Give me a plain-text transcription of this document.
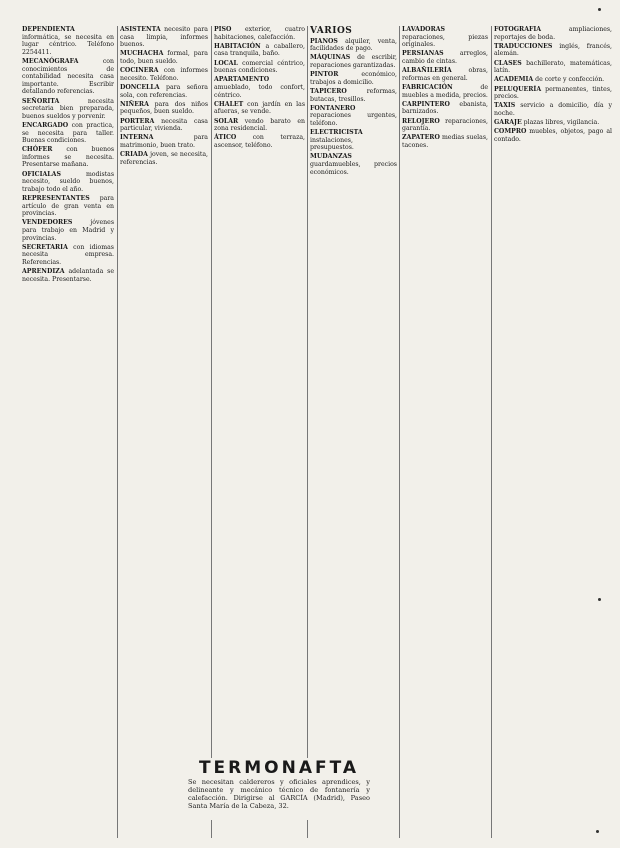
DEPENDIENTA informática, se necesita en lugar céntrico. Teléfono 2254411.

MECANÓGRAFA	con conocimientos de contabilidad necesita casa importante. Escribir detallando referencias.

SEÑORITA	necesita secretaria bien preparada, buenos sueldos y porvenir.

ENCARGADO con practica, se necesita para taller. Buenas condiciones.

CHÓFER con buenos informes se necesita. Presentarse mañana.

OFICIALAS	modistas necesito, sueldo buenos, trabajo todo el año.

REPRESENTANTES para artículo de gran venta en provincias.

VENDEDORES	jóvenes para trabajo en Madrid y provincias.

SECRETARIA con idiomas necesita empresa. Referencias.

APRENDIZA adelantada se necesita. Presentarse.

ASISTENTA necesito para casa limpia, informes buenos.

MUCHACHA formal, para todo, buen sueldo.

COCINERA con informes necesito. Teléfono.

DONCELLA para señora sola, con referencias.

NIÑERA para dos niños pequeños, buen sueldo.

PORTERA necesita casa particular, vivienda.

INTERNA	para matrimonio, buen trato.

CRIADA joven, se necesita, referencias.

PISO exterior, cuatro habitaciones, calefacción.

HABITACIÓN a caballero, casa tranquila, baño.

LOCAL comercial céntrico, buenas condiciones.

APARTAMENTO amueblado, todo confort, céntrico.

CHALET con jardín en las afueras, se vende.

SOLAR vendo barato en zona residencial.

ÁTICO	con terraza, ascensor, teléfono.

VARIOS

PIANOS alquiler, venta, facilidades de pago.

MÁQUINAS de escribir, reparaciones garantizadas.

PINTOR	económico, trabajos a domicilio.

TAPICERO	reformas, butacas, tresillos.

FONTANERO reparaciones urgentes, teléfono.

ELECTRICISTA instalaciones, presupuestos.

MUDANZAS guardamuebles, precios económicos.

LAVADORAS reparaciones, piezas originales.

PERSIANAS	arreglos, cambio de cintas.

ALBAÑILERÍA	obras, reformas en general.

FABRICACIÓN	de muebles a medida, precios.

CARPINTERO ebanista, barnizados.

RELOJERO reparaciones, garantía.

ZAPATERO medias suelas, tacones.

FOTOGRAFÍA	ampliaciones, reportajes de boda.

TRADUCCIONES inglés, francés, alemán.

CLASES bachillerato, matemáticas, latín.

ACADEMIA de corte y confección.

PELUQUERÍA permanentes, tintes, precios.

TAXIS servicio a domicilio, día y noche.

GARAJE plazas libres, vigilancia.

COMPRO muebles, objetos, pago al contado.

TERMONAFTA
Se necesitan caldereros y oficiales aprendices, y delineante y mecánico técnico de fontanería y calefacción. Dirigirse al GARCÍA (Madrid), Paseo Santa María de la Cabeza, 32.
